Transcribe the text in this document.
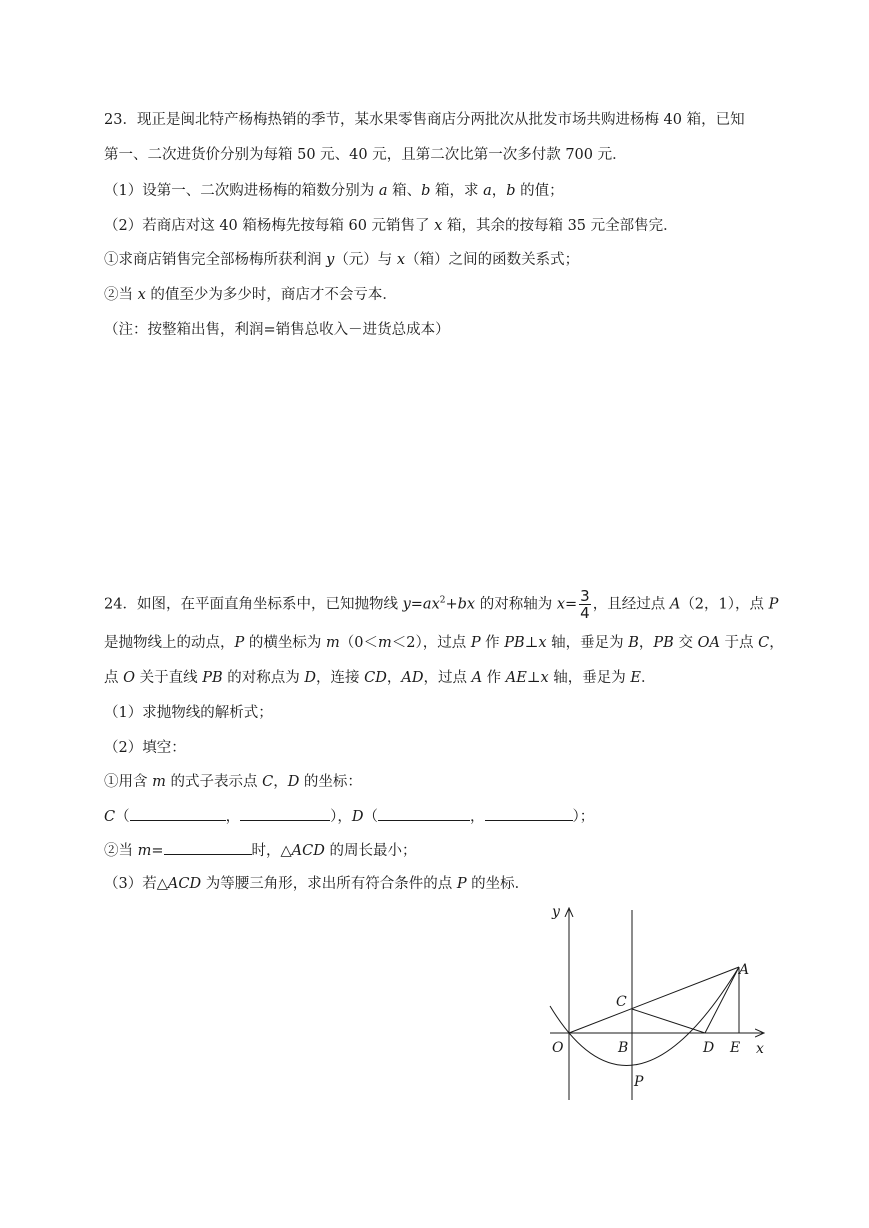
23．现正是闽北特产杨梅热销的季节，某水果零售商店分两批次从批发市场共购进杨梅 40 箱，已知
第一、二次进货价分别为每箱 50 元、40 元，且第二次比第一次多付款 700 元．
（1）设第一、二次购进杨梅的箱数分别为 a 箱、b 箱，求 a，b 的值；
（2）若商店对这 40 箱杨梅先按每箱 60 元销售了 x 箱，其余的按每箱 35 元全部售完．
①求商店销售完全部杨梅所获利润 y（元）与 x（箱）之间的函数关系式；
②当 x 的值至少为多少时，商店才不会亏本．
（注：按整箱出售，利润=销售总收入－进货总成本）
24．如图，在平面直角坐标系中，已知抛物线 $y=ax^2+bx$ 的对称轴为 $x= \frac{3}{4}$ ，且经过点 A（2，1），点 P
是抛物线上的动点，P 的横坐标为 m（0＜m＜2），过点 P 作 PB⊥x 轴，垂足为 B，PB 交 OA 于点 C，
点 O 关于直线 PB 的对称点为 D，连接 CD，AD，过点 A 作 AE⊥x 轴，垂足为 E．
（1）求抛物线的解析式；
（2）填空：
①用含 m 的式子表示点 C，D 的坐标：
C（	，	），D（	，	）；
②当 m=	时，△ACD 的周长最小；
（3）若△ACD 为等腰三角形，求出所有符合条件的点 P 的坐标．
y
x
O	B
C
D E
A
P
